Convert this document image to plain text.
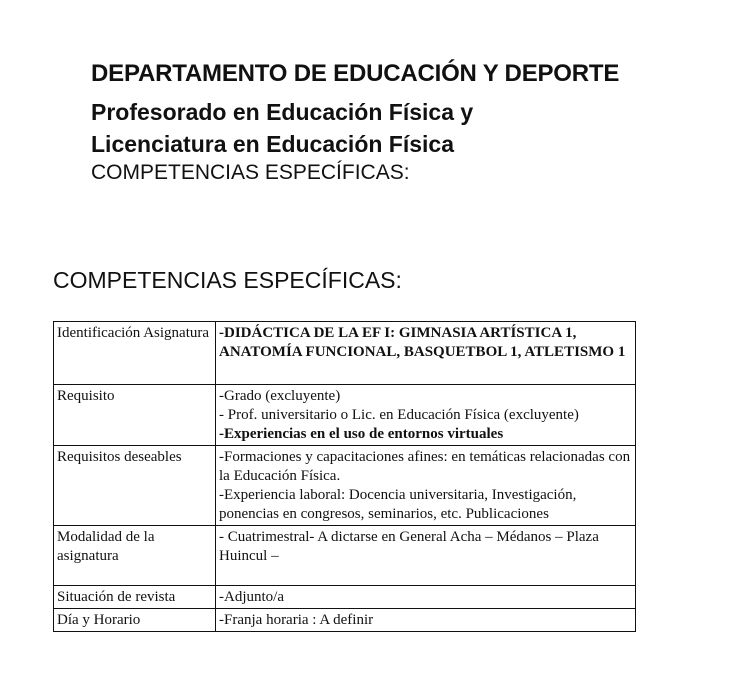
DEPARTAMENTO DE EDUCACIÓN Y DEPORTE
Profesorado en Educación Física y
Licenciatura en Educación Física
COMPETENCIAS ESPECÍFICAS:
COMPETENCIAS ESPECÍFICAS:
Identificación Asignatura	-DIDÁCTICA DE LA EF I: GIMNASIA ARTÍSTICA 1, ANATOMÍA FUNCIONAL, BASQUETBOL 1, ATLETISMO 1

Requisito	-Grado (excluyente)
- Prof. universitario o Lic. en Educación Física (excluyente)
-Experiencias en el uso de entornos virtuales

Requisitos deseables	-Formaciones y capacitaciones afines: en temáticas relacionadas con la Educación Física.
-Experiencia laboral: Docencia universitaria, Investigación, ponencias en congresos, seminarios, etc. Publicaciones

Modalidad de la asignatura	- Cuatrimestral- A dictarse en General Acha – Médanos – Plaza Huincul –
Situación de revista	-Adjunto/a
Día y Horario	-Franja horaria : A definir
